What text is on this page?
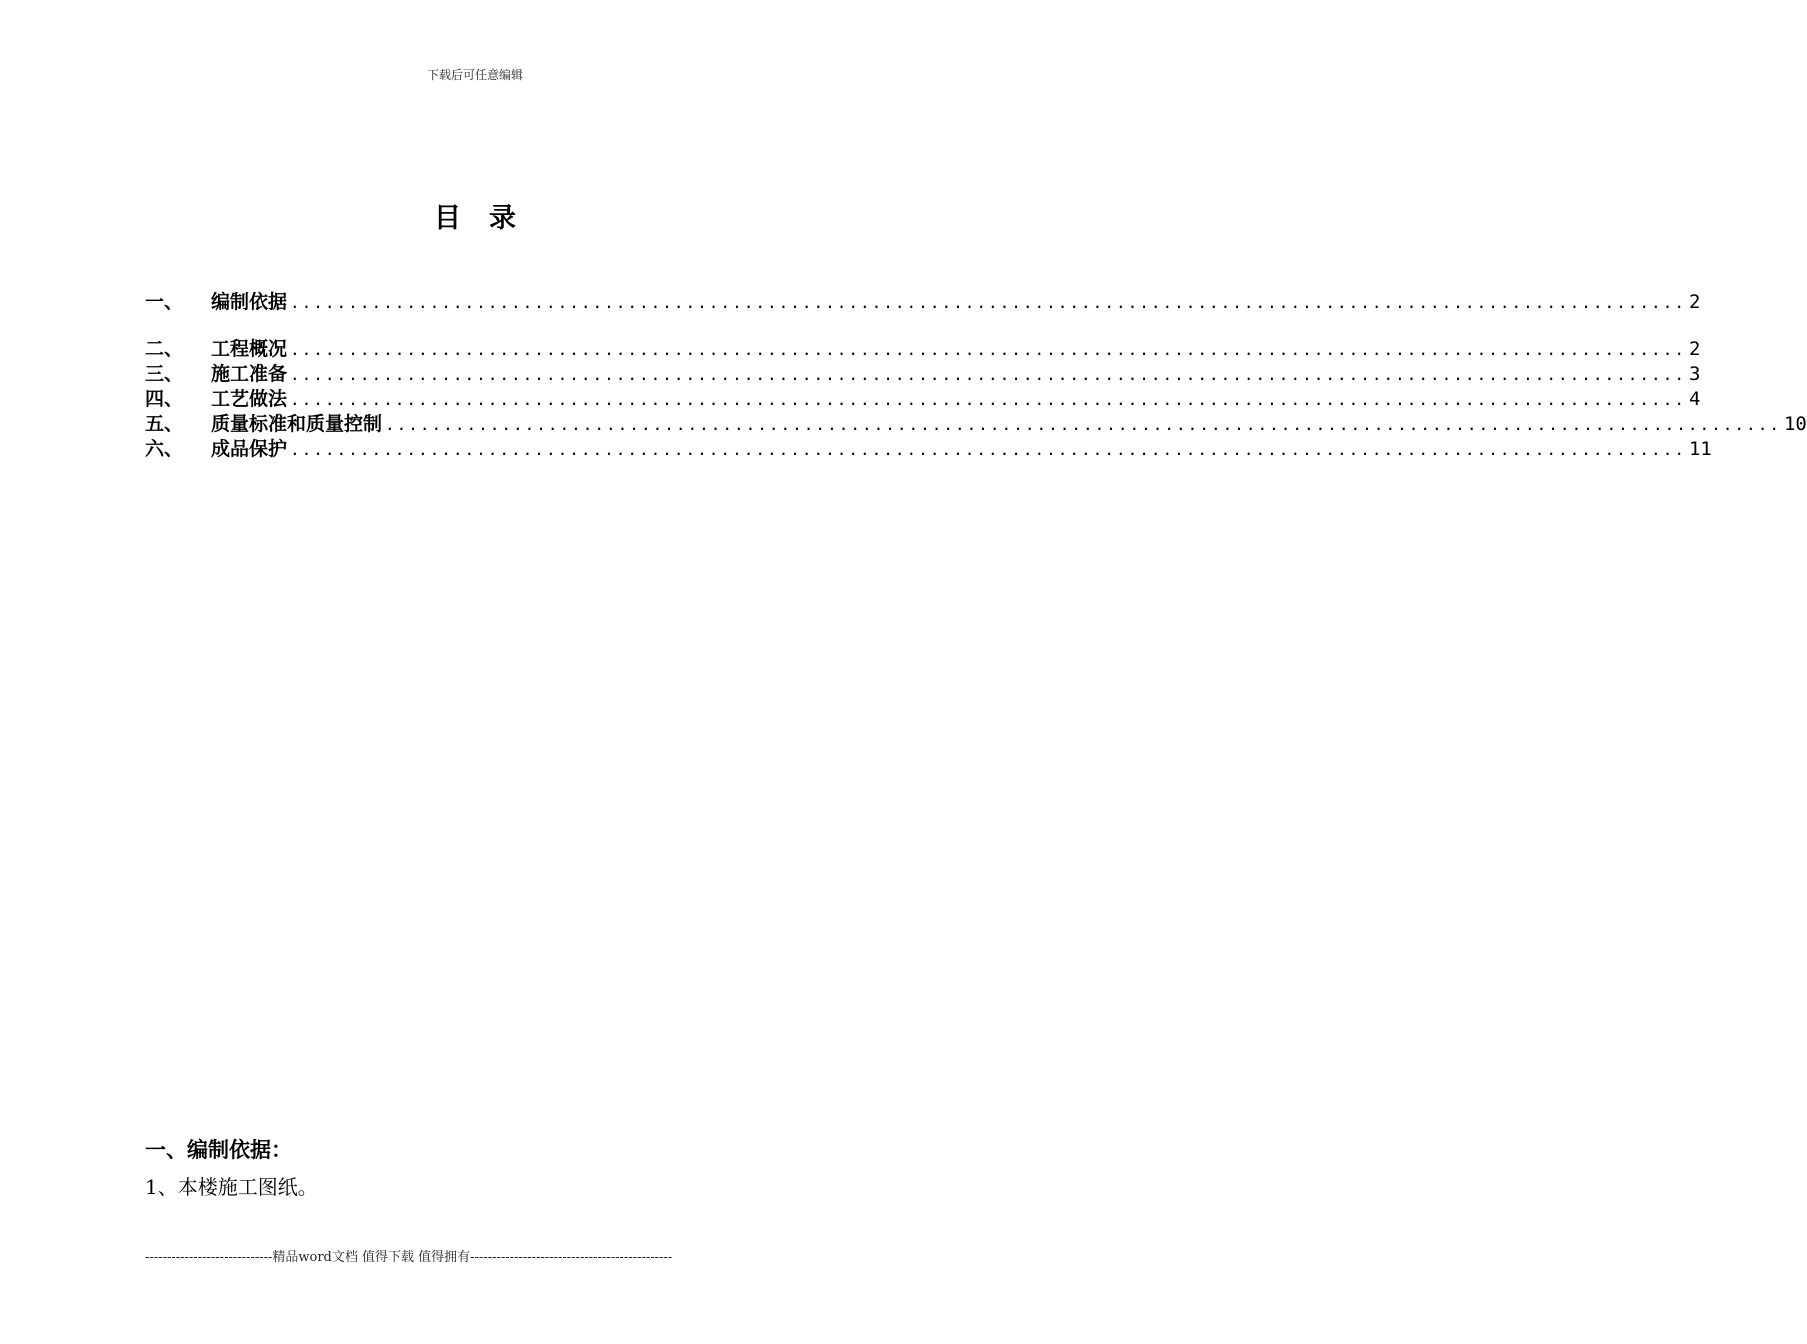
下载后可任意编辑
目录
一、	编制依据 ........................................................................................................................ 2
二、	工程概况 ........................................................................................................................ 2
三、	施工准备 ........................................................................................................................ 3
四、	工艺做法 ........................................................................................................................ 4
五、	质量标准和质量控制 ........................................................................................................................ 10
六、	成品保护 ........................................................................................................................ 11
一、编制依据：
1、本楼施工图纸。
-----------------------------精品word文档 值得下载 值得拥有----------------------------------------------
